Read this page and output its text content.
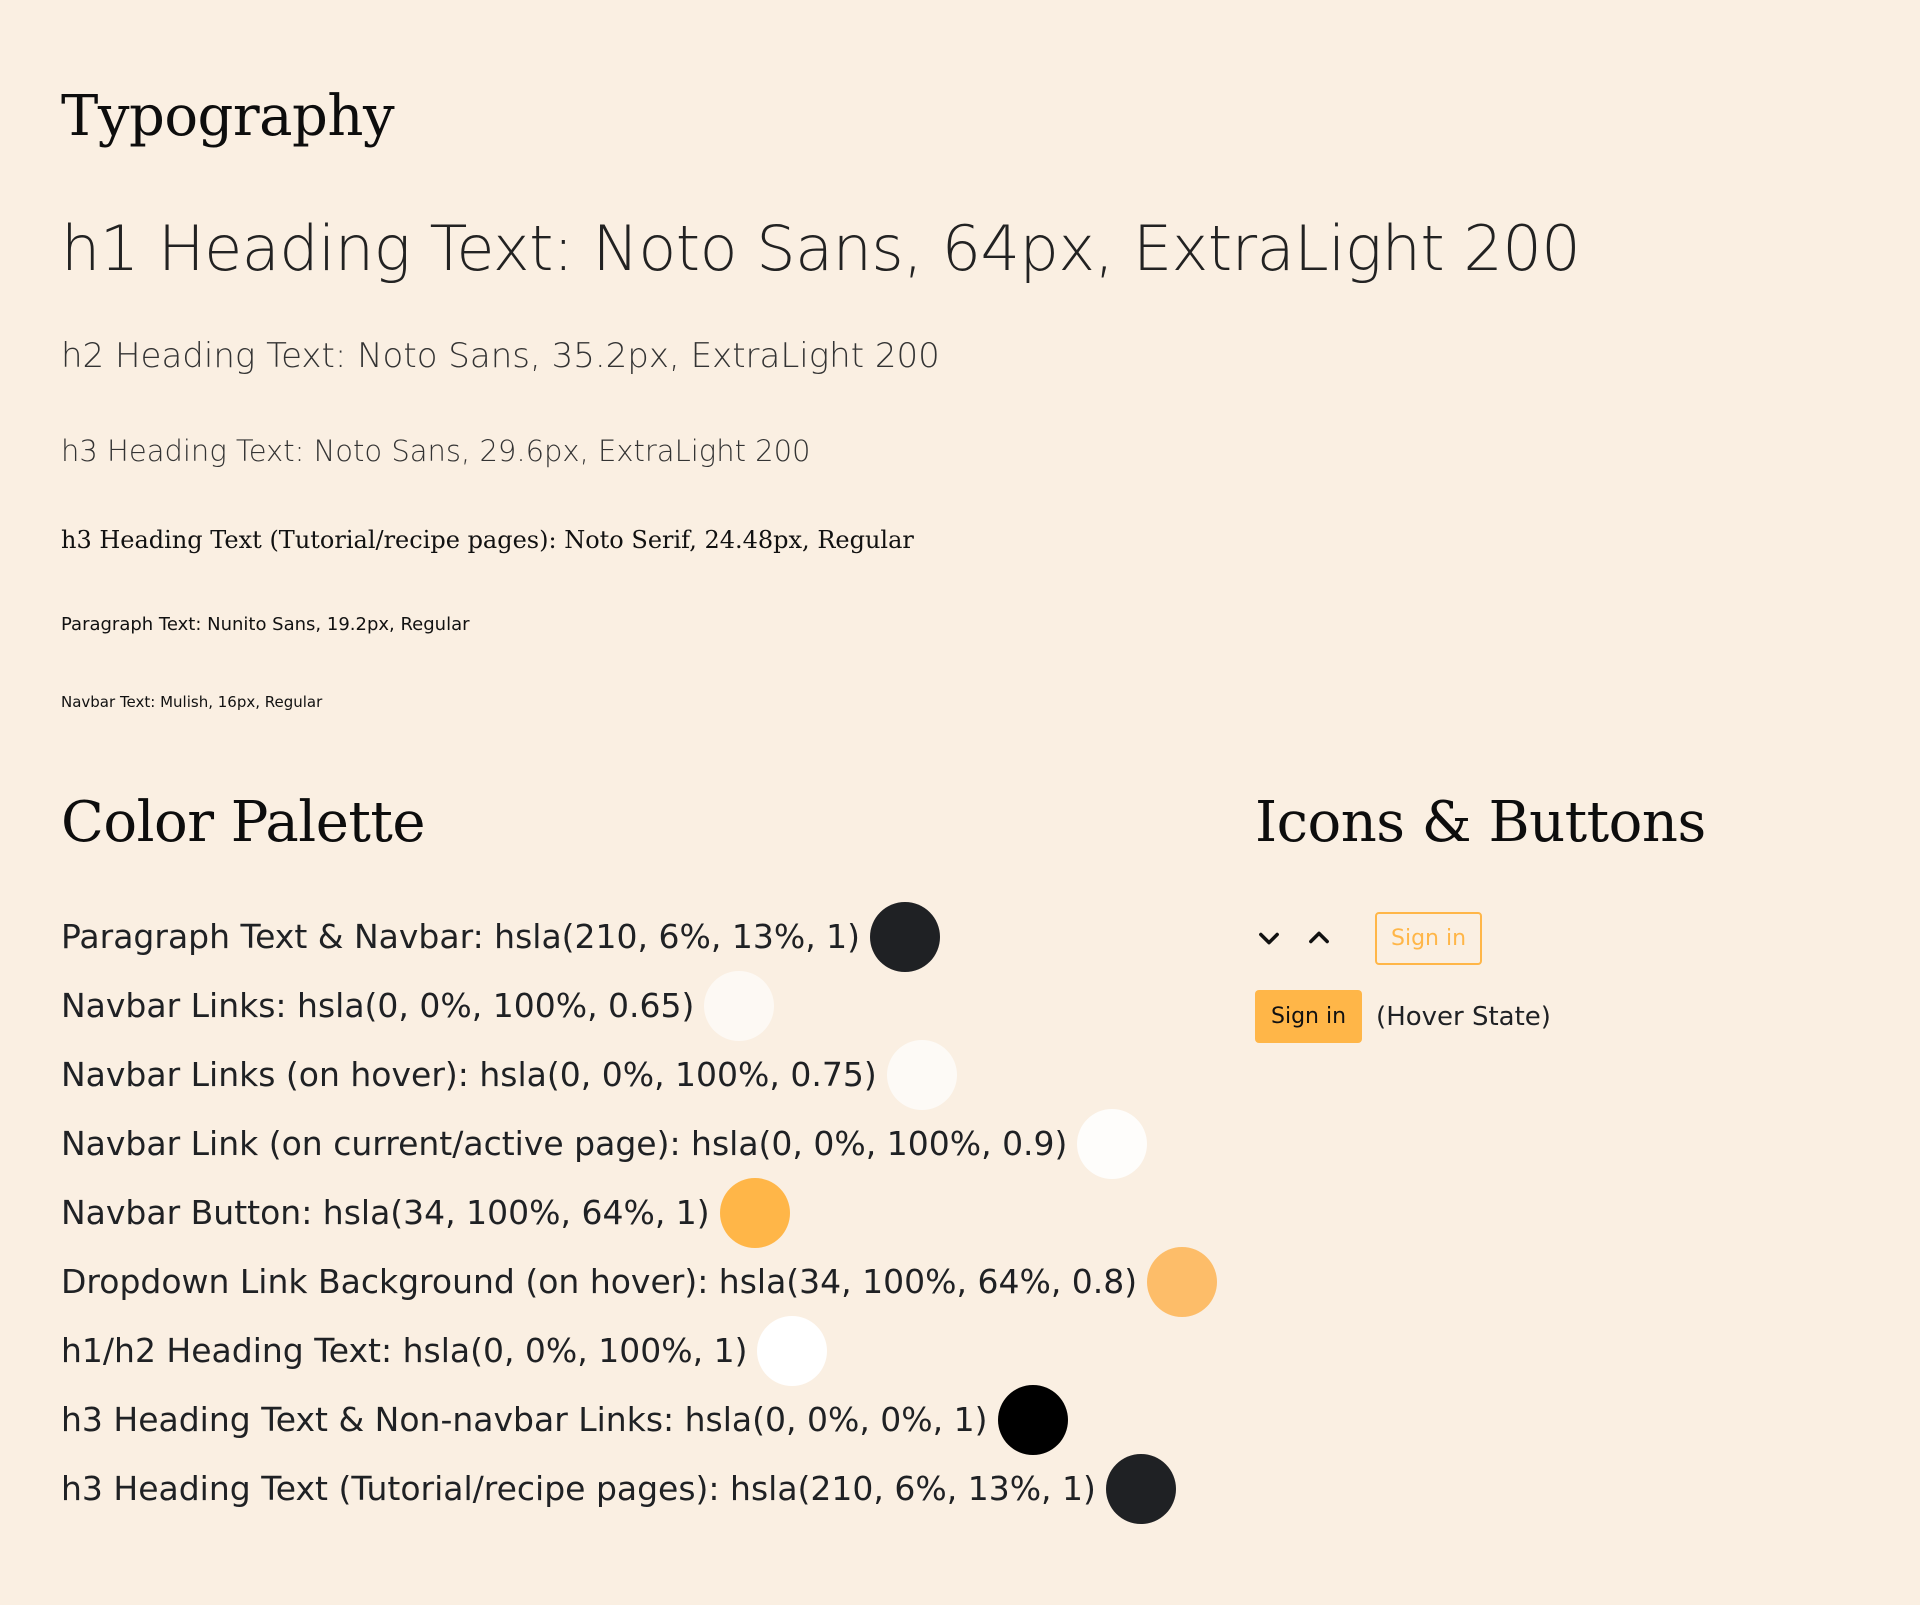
Typography

h1 Heading Text: Noto Sans, 64px, ExtraLight 200

h2 Heading Text: Noto Sans, 35.2px, ExtraLight 200

h3 Heading Text: Noto Sans, 29.6px, ExtraLight 200

h3 Heading Text (Tutorial/recipe pages): Noto Serif, 24.48px, Regular

Paragraph Text: Nunito Sans, 19.2px, Regular

Navbar Text: Mulish, 16px, Regular

Color Palette
Paragraph Text & Navbar: hsla(210, 6%, 13%, 1)
Navbar Links: hsla(0, 0%, 100%, 0.65)
Navbar Links (on hover): hsla(0, 0%, 100%, 0.75)
Navbar Link (on current/active page): hsla(0, 0%, 100%, 0.9)
Navbar Button: hsla(34, 100%, 64%, 1)
Dropdown Link Background (on hover): hsla(34, 100%, 64%, 0.8)
h1/h2 Heading Text: hsla(0, 0%, 100%, 1)
h3 Heading Text & Non-navbar Links: hsla(0, 0%, 0%, 1)
h3 Heading Text (Tutorial/recipe pages): hsla(210, 6%, 13%, 1)
Icons & Buttons
Sign in
Sign in	(Hover State)
